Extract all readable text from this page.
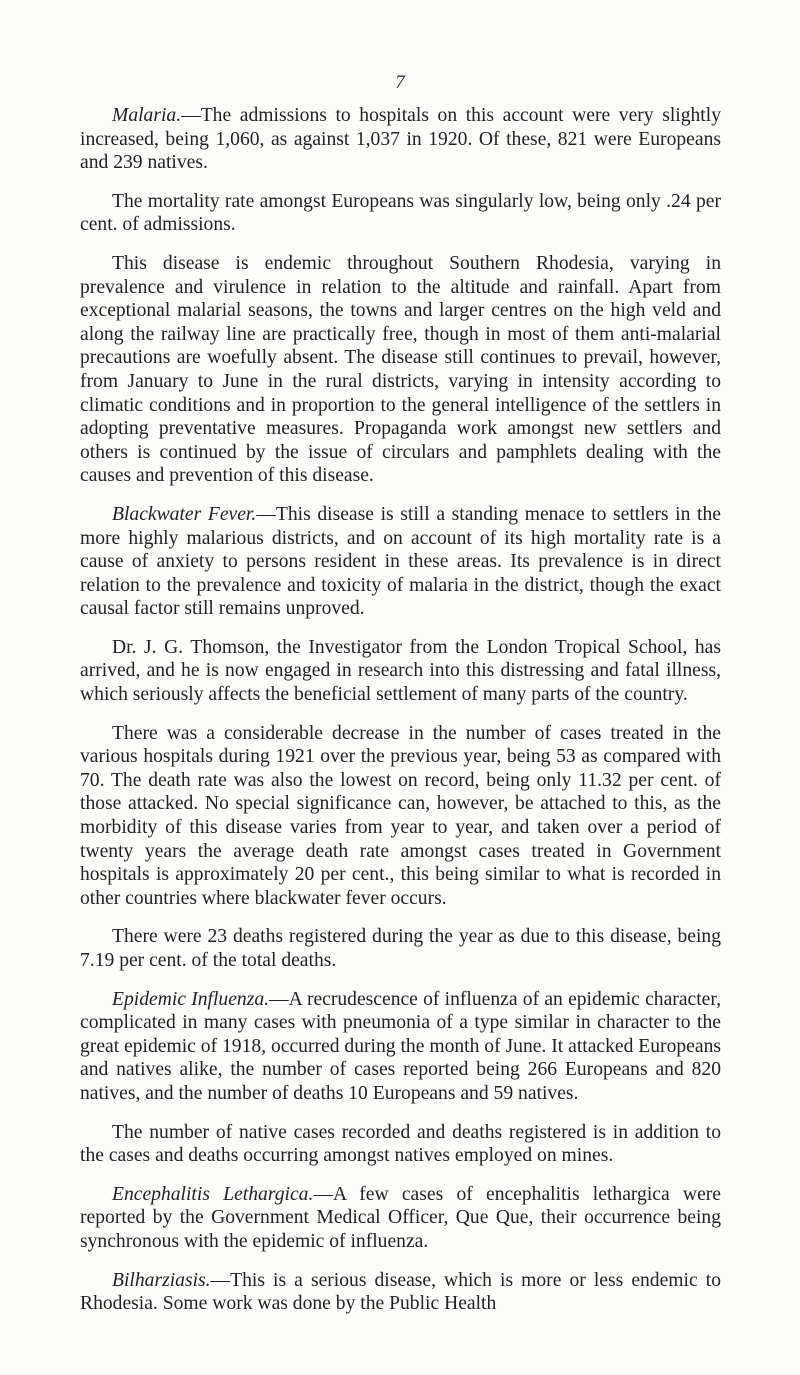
7

Malaria.—The admissions to hospitals on this account were very slightly increased, being 1,060, as against 1,037 in 1920. Of these, 821 were Europeans and 239 natives.

The mortality rate amongst Europeans was singularly low, being only .24 per cent. of admissions.

This disease is endemic throughout Southern Rhodesia, varying in prevalence and virulence in relation to the altitude and rainfall. Apart from exceptional malarial seasons, the towns and larger centres on the high veld and along the railway line are practically free, though in most of them anti-malarial precautions are woefully absent. The disease still continues to prevail, however, from January to June in the rural districts, varying in intensity according to climatic conditions and in proportion to the general intelligence of the settlers in adopting preventative measures. Propaganda work amongst new settlers and others is continued by the issue of circulars and pamphlets dealing with the causes and prevention of this disease.

Blackwater Fever.—This disease is still a standing menace to settlers in the more highly malarious districts, and on account of its high mortality rate is a cause of anxiety to persons resident in these areas. Its prevalence is in direct relation to the prevalence and toxicity of malaria in the district, though the exact causal factor still remains unproved.

Dr. J. G. Thomson, the Investigator from the London Tropical School, has arrived, and he is now engaged in research into this distressing and fatal illness, which seriously affects the beneficial settlement of many parts of the country.

There was a considerable decrease in the number of cases treated in the various hospitals during 1921 over the previous year, being 53 as compared with 70. The death rate was also the lowest on record, being only 11.32 per cent. of those attacked. No special significance can, however, be attached to this, as the morbidity of this disease varies from year to year, and taken over a period of twenty years the average death rate amongst cases treated in Government hospitals is approximately 20 per cent., this being similar to what is recorded in other countries where blackwater fever occurs.

There were 23 deaths registered during the year as due to this disease, being 7.19 per cent. of the total deaths.

Epidemic Influenza.—A recrudescence of influenza of an epidemic character, complicated in many cases with pneumonia of a type similar in character to the great epidemic of 1918, occurred during the month of June. It attacked Europeans and natives alike, the number of cases reported being 266 Europeans and 820 natives, and the number of deaths 10 Europeans and 59 natives.

The number of native cases recorded and deaths registered is in addition to the cases and deaths occurring amongst natives employed on mines.

Encephalitis Lethargica.—A few cases of encephalitis lethargica were reported by the Government Medical Officer, Que Que, their occurrence being synchronous with the epidemic of influenza.

Bilharziasis.—This is a serious disease, which is more or less endemic to Rhodesia. Some work was done by the Public Health
